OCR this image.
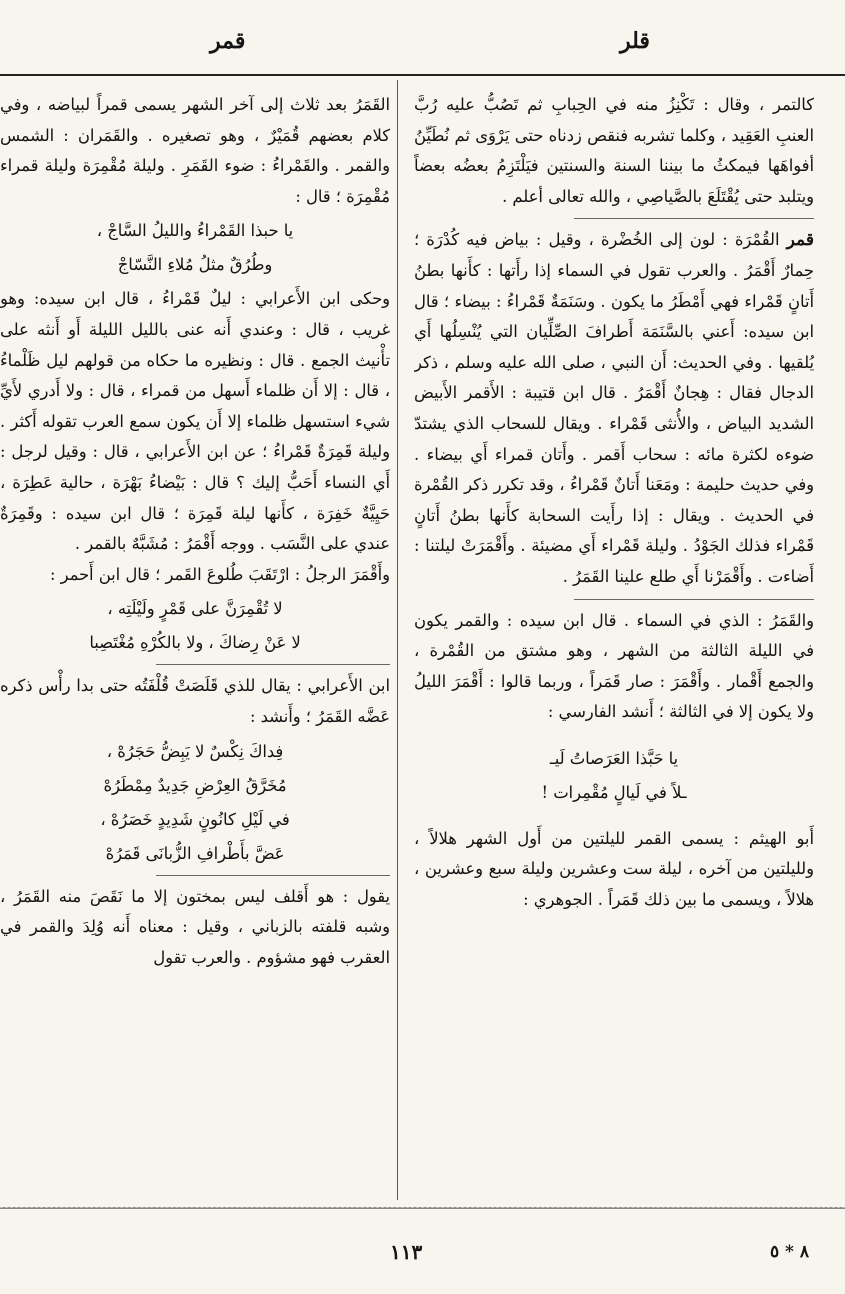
قمر	قلر

كالتمر ، وقال : تَكْنِزُ منه في الحِبابِ ثم تَصُبُّ عليه رُبَّ العنبِ العَقِيد ، وكلما تشربه فنقص زدناه حتى يَرْوَى ثم نُطَيِّنُ أفواهَها فيمكثُ ما بيننا السنة والسنتين فيَلْتَزِمُ بعضُه بعضاً ويتلبد حتى يُقْتَلَعَ بالصَّياصِي ، والله تعالى أعلم .

قمر القُمْرَة : لون إلى الخُضْرة ، وقيل : بياض فيه كُدْرَة ؛ حِمارٌ أَقْمَرُ . والعرب تقول في السماء إذا رأَتها : كأَنها بطنُ أَتانٍ قَمْراء فهي أَمْطَرُ ما يكون . وسَنَمَةٌ قَمْراءُ : بيضاء ؛ قال ابن سيده: أَعني بالسَّنَمَة أَطرافَ الصِّلِّيان التي يُنْسِلُها أَي يُلقيها . وفي الحديث: أَن النبي ، صلى الله عليه وسلم ، ذكر الدجال فقال : هِجانٌ أَقْمَرُ . قال ابن قتيبة : الأَقمر الأَبيض الشديد البياض ، والأُنثى قَمْراء . ويقال للسحاب الذي يشتدّ ضوءه لكثرة مائه : سحاب أَقمر . وأَتان قمراء أَي بيضاء . وفي حديث حليمة : ومَعَنا أَتانٌ قَمْراءُ ، وقد تكرر ذكر القُمْرة في الحديث . ويقال : إذا رأَيت السحابة كأَنها بطنُ أَتانٍ قَمْراء فذلك الجَوْدُ . وليلة قَمْراء أَي مضيئة . وأَقْمَرَتْ ليلتنا : أَضاءت . وأَقْمَرْنا أَي طلع علينا القَمَرُ .

والقَمَرُ : الذي في السماء . قال ابن سيده : والقمر يكون في الليلة الثالثة من الشهر ، وهو مشتق من القُمْرة ، والجمع أَقْمار . وأَقْمَرَ : صار قَمَراً ، وربما قالوا : أَقْمَرَ الليلُ ولا يكون إلا في الثالثة ؛ أَنشد الفارسي :

يا حَبَّذا العَرَصاتُ لَيـ
ـلاً في لَيالٍ مُقْمِرات !

أَبو الهيثم : يسمى القمر لليلتين من أَول الشهر هلالاً ، ولليلتين من آخره ، ليلة ست وعشرين وليلة سبع وعشرين ، هلالاً ، ويسمى ما بين ذلك قَمَراً . الجوهري :

القَمَرُ بعد ثلاث إلى آخر الشهر يسمى قمراً لبياضه ، وفي كلام بعضهم قُمَيْرٌ ، وهو تصغيره . والقَمَران : الشمس والقمر . والقَمْراءُ : ضوء القَمَرِ . وليلة مُقْمِرَة وليلة قمراء مُقْمِرَة ؛ قال :

يا حبذا القَمْراءُ والليلُ السَّاجْ ،
وطُرُقٌ مثلُ مُلاءِ النَّسّاجْ

وحكى ابن الأَعرابي : ليلٌ قَمْراءُ ، قال ابن سيده: وهو غريب ، قال : وعندي أَنه عنى بالليل الليلة أَو أَنثه على تأْنيث الجمع . قال : ونظيره ما حكاه من قولهم ليل ظَلْماءُ ، قال : إلا أَن ظلماء أَسهل من قمراء ، قال : ولا أَدري لأَيِّ شيء استسهل ظلماء إلا أَن يكون سمع العرب تقوله أَكثر . وليلة قَمِرَةٌ قَمْراءُ ؛ عن ابن الأَعرابي ، قال : وقيل لرجل : أَي النساء أَحَبُّ إليك ؟ قال : بَيْضاءُ بَهْرَة ، حالية عَطِرَة ، حَيِيَّةٌ خَفِرَة ، كأَنها ليلة قَمِرَة ؛ قال ابن سيده : وقَمِرَةٌ عندي على النَّسَب . ووجه أَقْمَرُ : مُشَبَّهٌ بالقمر .

وأَقْمَرَ الرجلُ : ارْتَقَبَ طُلوعَ القَمر ؛ قال ابن أَحمر :

لا تُقْمِرَنَّ على قَمْرٍ ولَيْلَتِه ،
لا عَنْ رِضاكَ ، ولا بالكُرْهِ مُغْتَصِبا

ابن الأَعرابي : يقال للذي قَلَصَتْ قُلْفَتُه حتى بدا رأْس ذكره عَضَّه القَمَرُ ؛ وأَنشد :

فِداكَ نِكْسٌ لا يَبِضُّ حَجَرُهْ ،
مُخَرَّقُ العِرْضِ جَدِيدٌ مِمْطَرُهْ
في لَيْلِ كانُونٍ شَدِيدٍ خَصَرُهْ ،
عَضَّ بأَطْرافِ الزُّبانَى قَمَرُهْ

يقول : هو أَقلف ليس بمختون إلا ما نَقَصَ منه القَمَرُ ، وشبه قلفته بالزباني ، وقيل : معناه أَنه وُلِدَ والقمر في العقرب فهو مشؤوم . والعرب تقول

١١٣	٨ * ٥
